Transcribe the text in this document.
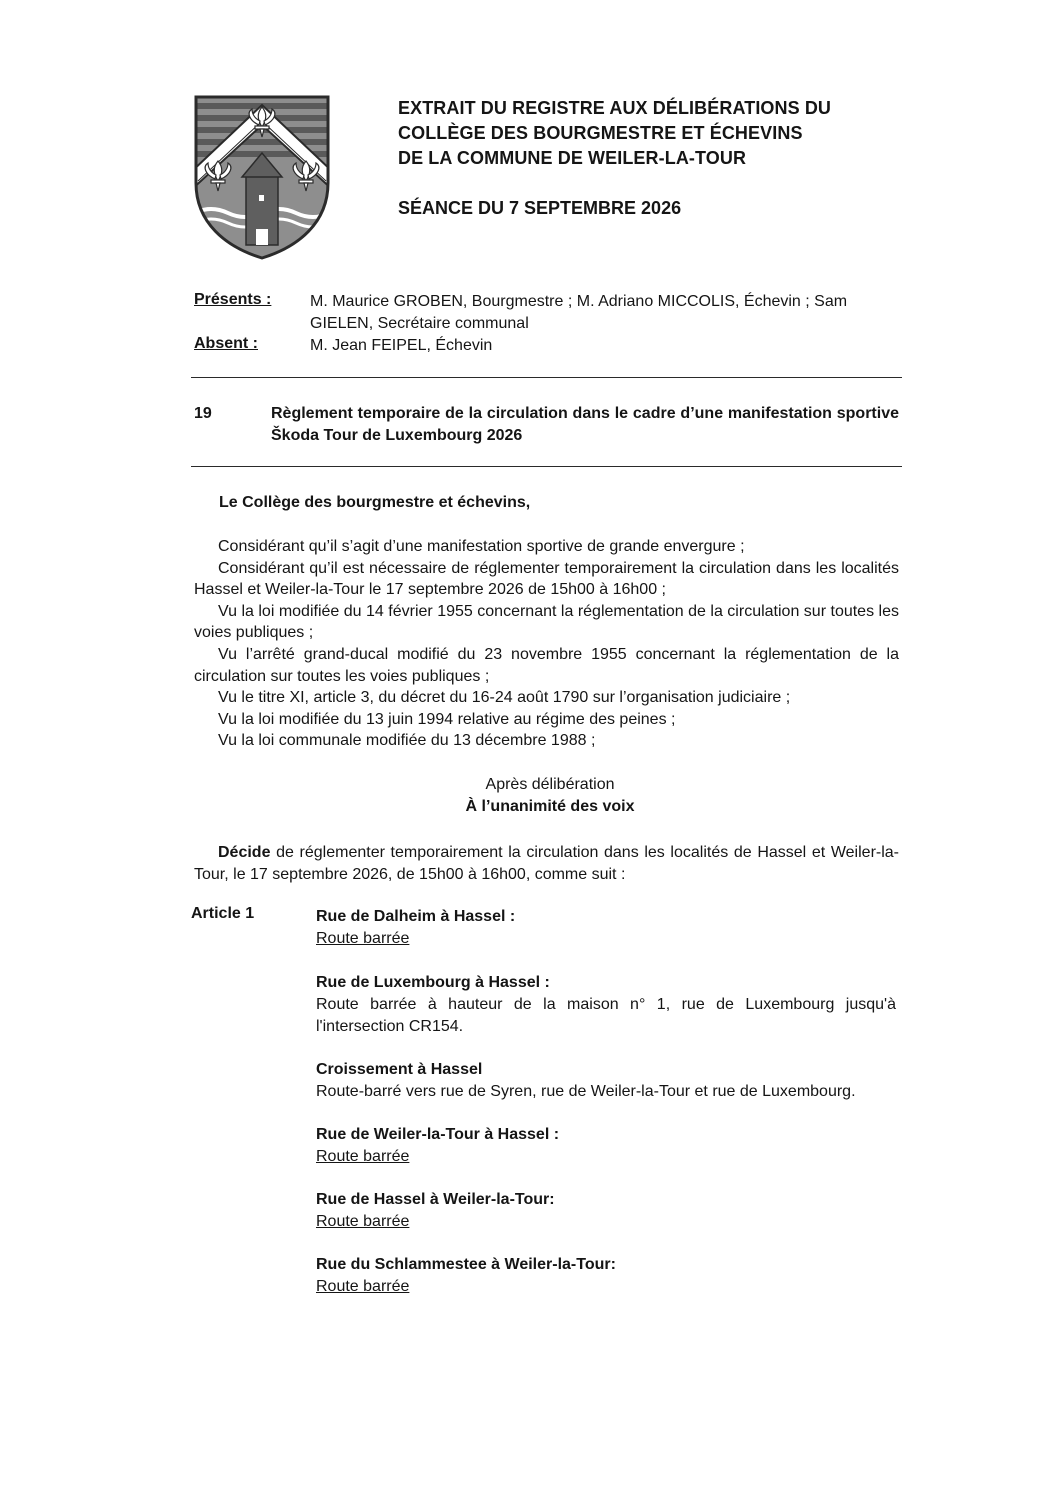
EXTRAIT DU REGISTRE AUX DÉLIBÉRATIONS DU
COLLÈGE DES BOURGMESTRE ET ÉCHEVINS
DE LA COMMUNE DE WEILER-LA-TOUR
SÉANCE DU 7 SEPTEMBRE 2026
Présents : M. Maurice GROBEN, Bourgmestre ; M. Adriano MICCOLIS, Échevin ; Sam GIELEN, Secrétaire communal
Absent :	M. Jean FEIPEL, Échevin
19	Règlement temporaire de la circulation dans le cadre d’une manifestation sportive Škoda Tour de Luxembourg 2026
Le Collège des bourgmestre et échevins,

Considérant qu’il s’agit d’une manifestation sportive de grande envergure ;

Considérant qu’il est nécessaire de réglementer temporairement la circulation dans les localités Hassel et Weiler-la-Tour le 17 septembre 2026 de 15h00 à 16h00 ;

Vu la loi modifiée du 14 février 1955 concernant la réglementation de la circulation sur toutes les voies publiques ;

Vu l’arrêté grand-ducal modifié du 23 novembre 1955 concernant la réglementation de la circulation sur toutes les voies publiques ;

Vu le titre XI, article 3, du décret du 16-24 août 1790 sur l’organisation judiciaire ;

Vu la loi modifiée du 13 juin 1994 relative au régime des peines ;

Vu la loi communale modifiée du 13 décembre 1988 ;

Après délibération
À l’unanimité des voix
Décide de réglementer temporairement la circulation dans les localités de Hassel et Weiler-la-Tour, le 17 septembre 2026, de 15h00 à 16h00, comme suit :
Article 1	Rue de Dalheim à Hassel :
Route barrée
Rue de Luxembourg à Hassel :
Route barrée à hauteur de la maison n° 1, rue de Luxembourg jusqu'à l'intersection CR154.
Croissement à Hassel
Route-barré vers rue de Syren, rue de Weiler-la-Tour et rue de Luxembourg.
Rue de Weiler-la-Tour à Hassel :
Route barrée
Rue de Hassel à Weiler-la-Tour:
Route barrée
Rue du Schlammestee à Weiler-la-Tour:
Route barrée
